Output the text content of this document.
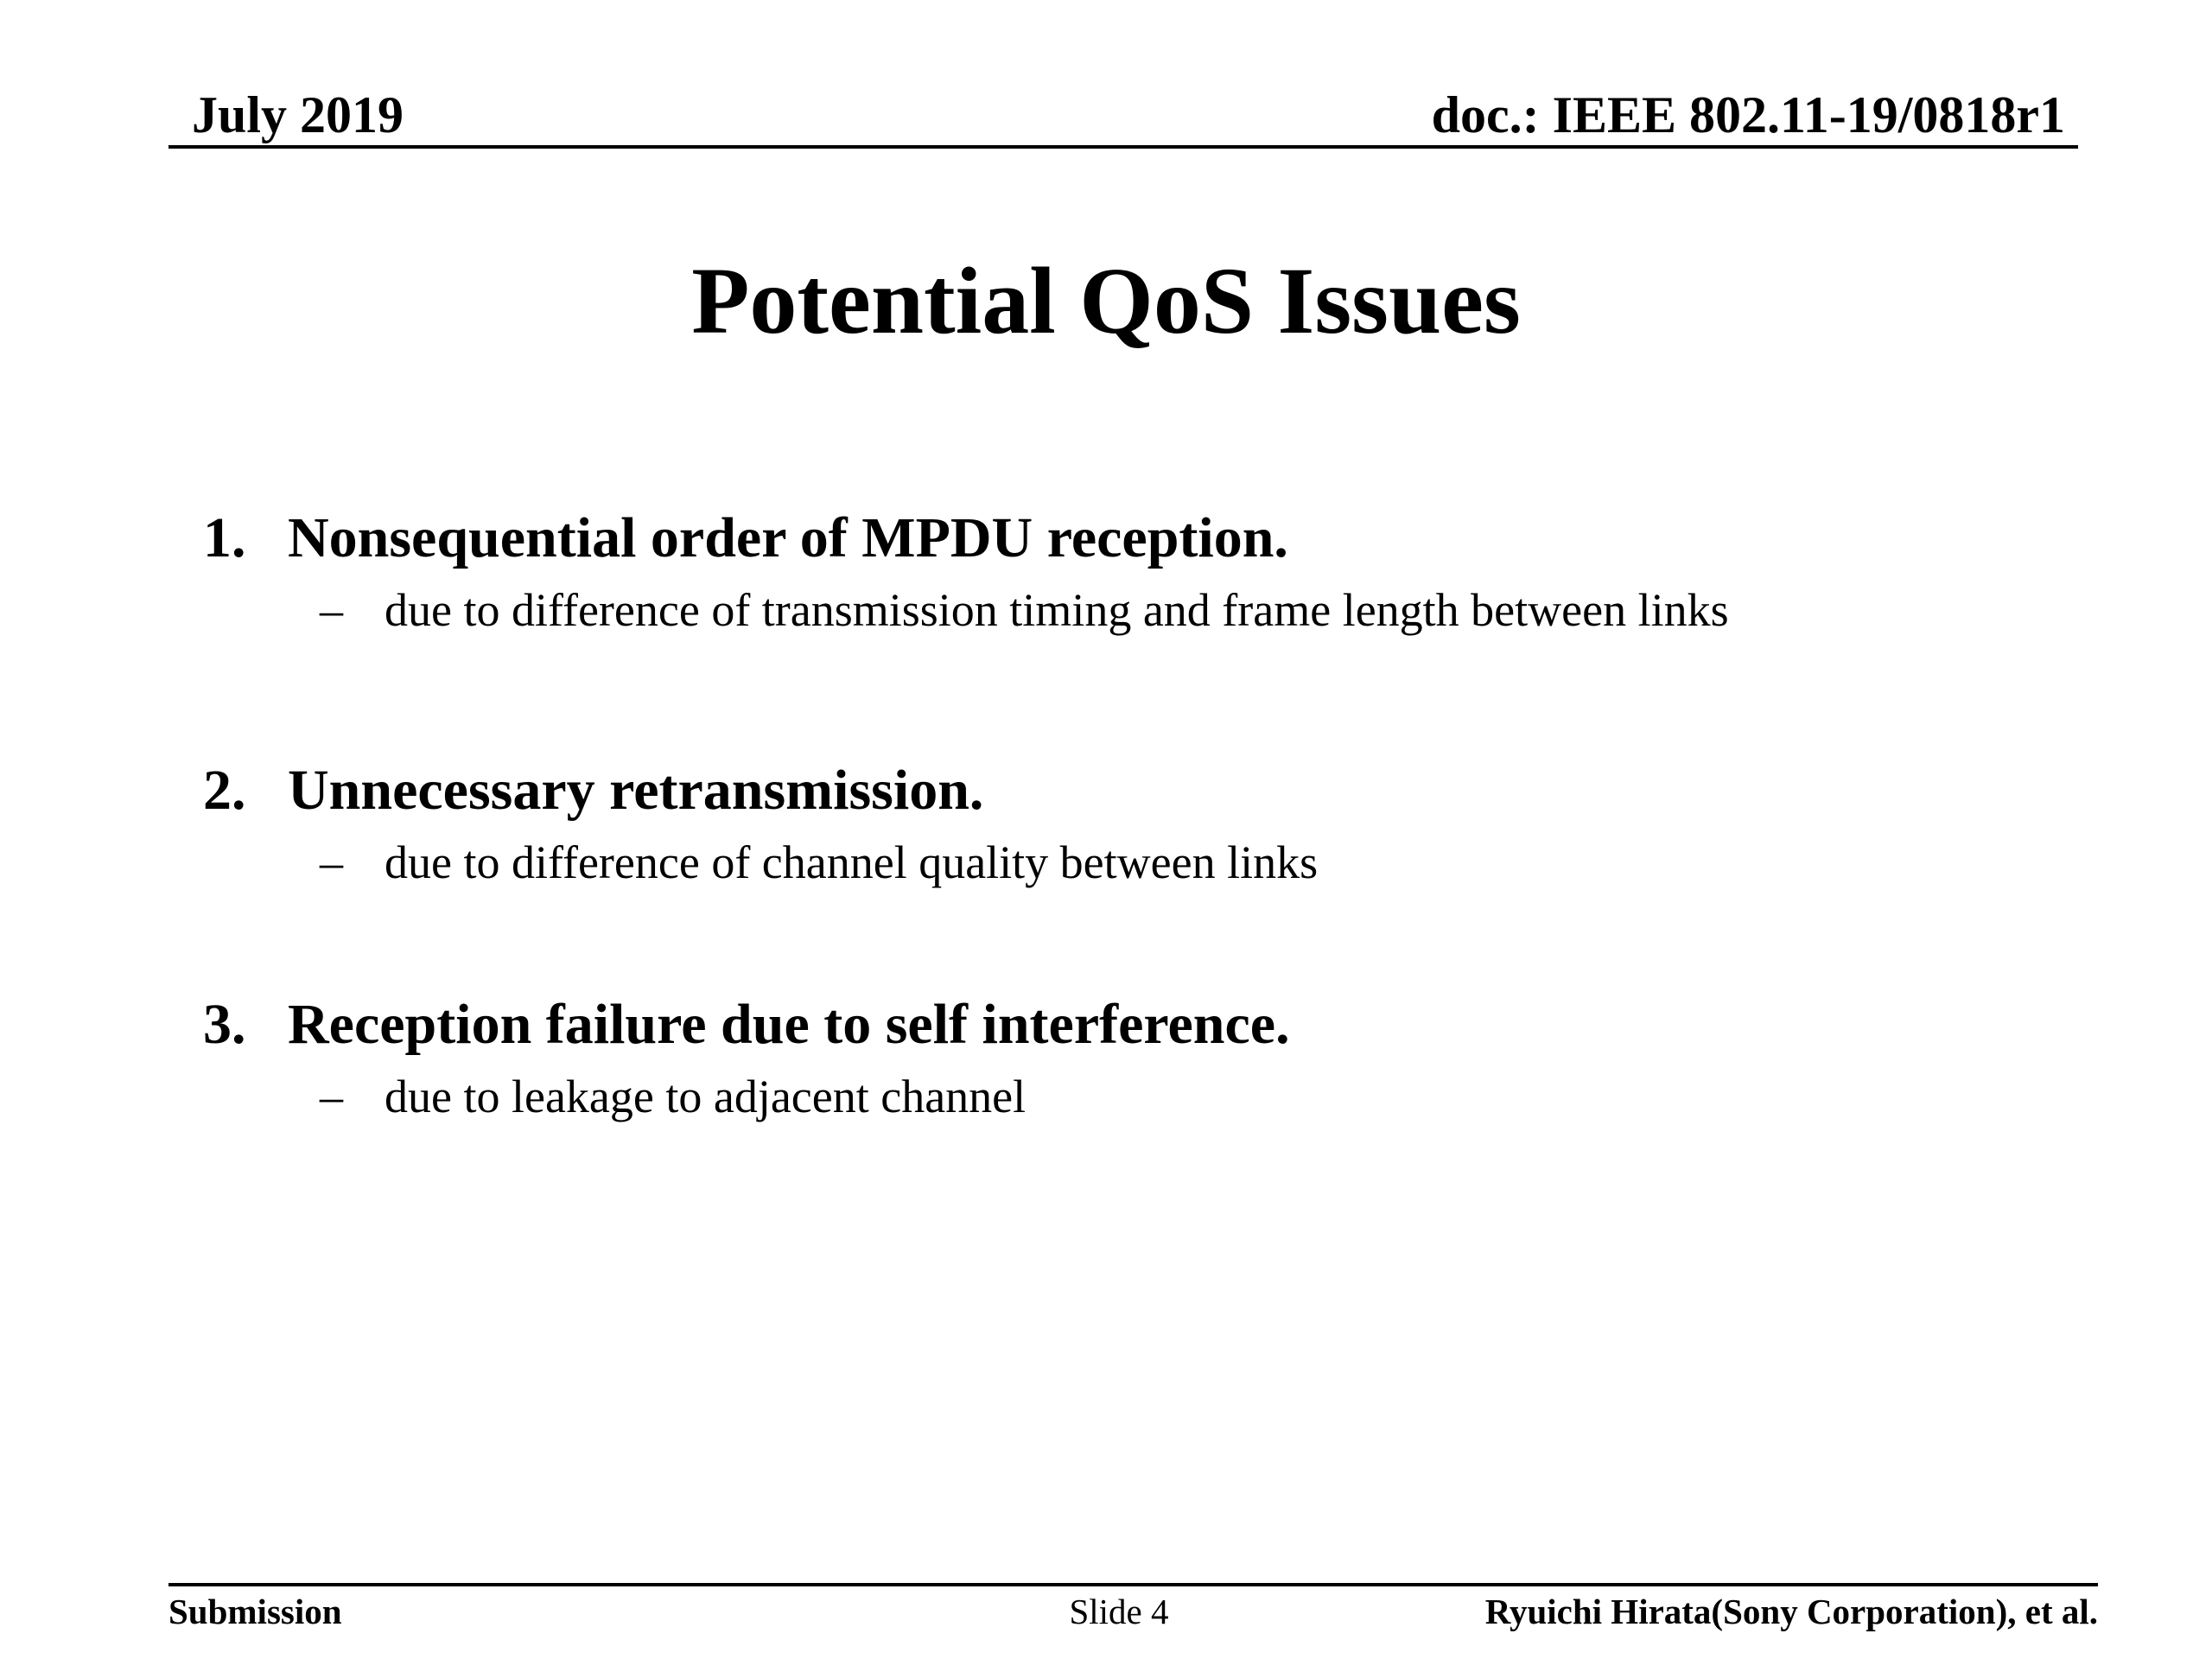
July 2019	doc.: IEEE 802.11-19/0818r1
Potential QoS Issues
1. Nonsequential order of MPDU reception.
– due to difference of transmission timing and frame length between links
2. Unnecessary retransmission.
– due to difference of channel quality between links
3. Reception failure due to self interference.
– due to leakage to adjacent channel
Submission	Slide 4	Ryuichi Hirata(Sony Corporation), et al.
